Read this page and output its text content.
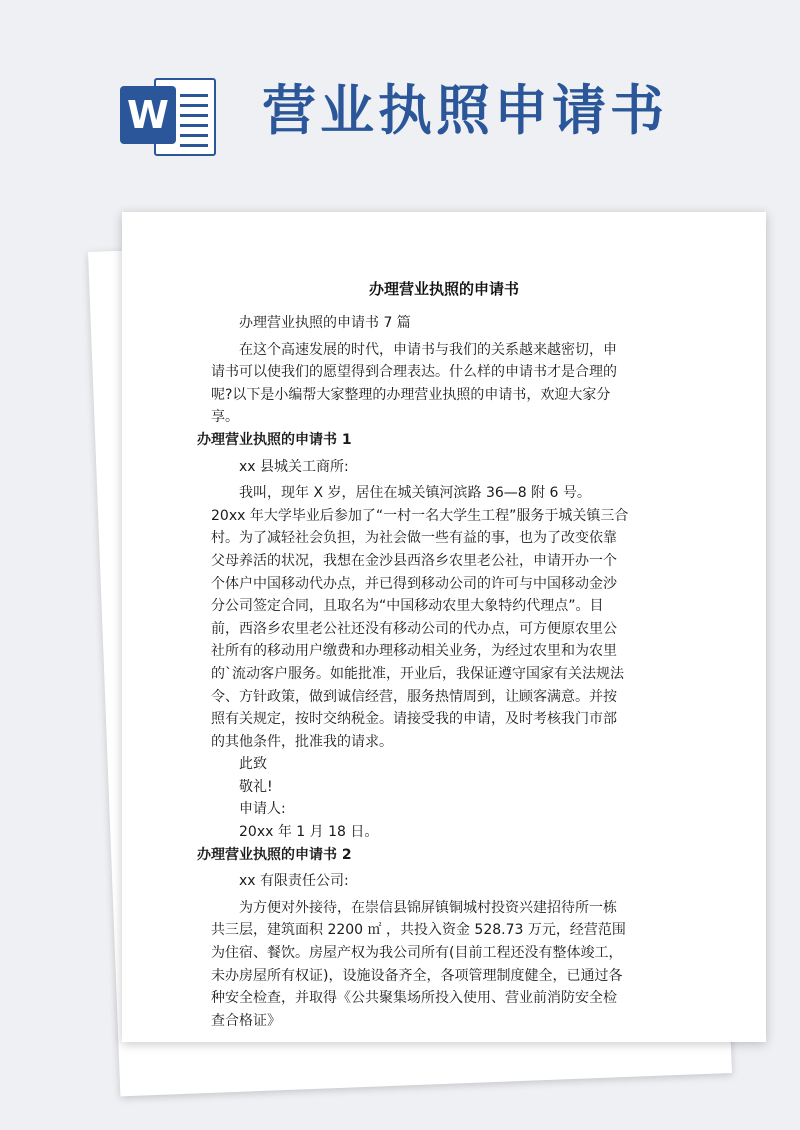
W 营业执照申请书
办理营业执照的申请书

办理营业执照的申请书 7 篇

在这个高速发展的时代，申请书与我们的关系越来越密切，申请书可以使我们的愿望得到合理表达。什么样的申请书才是合理的呢?以下是小编帮大家整理的办理营业执照的申请书，欢迎大家分享。

办理营业执照的申请书 1

xx 县城关工商所:

我叫，现年 X 岁，居住在城关镇河滨路 36—8 附 6 号。 20xx 年大学毕业后参加了“一村一名大学生工程”服务于城关镇三合村。为了减轻社会负担，为社会做一些有益的事，也为了改变依靠父母养活的状况，我想在金沙县西洛乡农里老公社，申请开办一个个体户中国移动代办点，并已得到移动公司的许可与中国移动金沙分公司签定合同，且取名为“中国移动农里大象特约代理点”。目前，西洛乡农里老公社还没有移动公司的代办点，可方便原农里公社所有的移动用户缴费和办理移动相关业务，为经过农里和为农里的`流动客户服务。如能批准，开业后，我保证遵守国家有关法规法令、方针政策，做到诚信经营，服务热情周到，让顾客满意。并按照有关规定，按时交纳税金。请接受我的申请，及时考核我门市部的其他条件，批准我的请求。

此致

敬礼!

申请人:

20xx 年 1 月 18 日。

办理营业执照的申请书 2

xx 有限责任公司:

为方便对外接待，在崇信县锦屏镇铜城村投资兴建招待所一栋共三层，建筑面积 2200 ㎡ ，共投入资金 528.73 万元，经营范围为住宿、餐饮。房屋产权为我公司所有(目前工程还没有整体竣工，未办房屋所有权证)，设施设备齐全，各项管理制度健全，已通过各种安全检查，并取得《公共聚集场所投入使用、营业前消防安全检查合格证》
